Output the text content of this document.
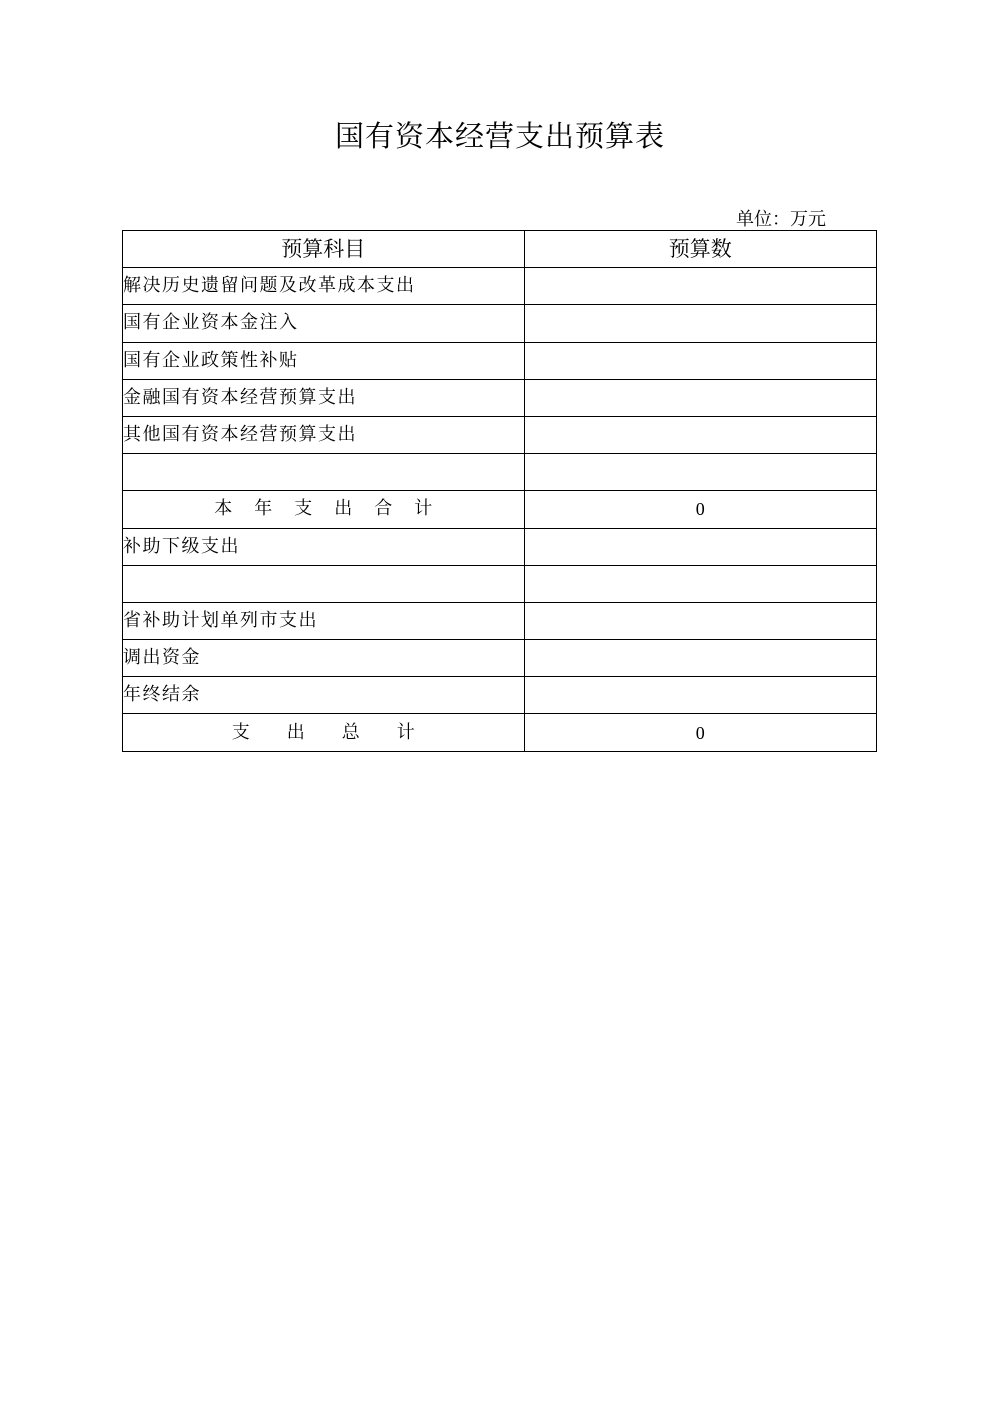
国有资本经营支出预算表
单位：万元
预算科目	预算数
解决历史遗留问题及改革成本支出	
国有企业资本金注入	
国有企业政策性补贴	
金融国有资本经营预算支出	
其他国有资本经营预算支出	

本年支出合计	0
补助下级支出	

省补助计划单列市支出	
调出资金	
年终结余	
支出总计	0
